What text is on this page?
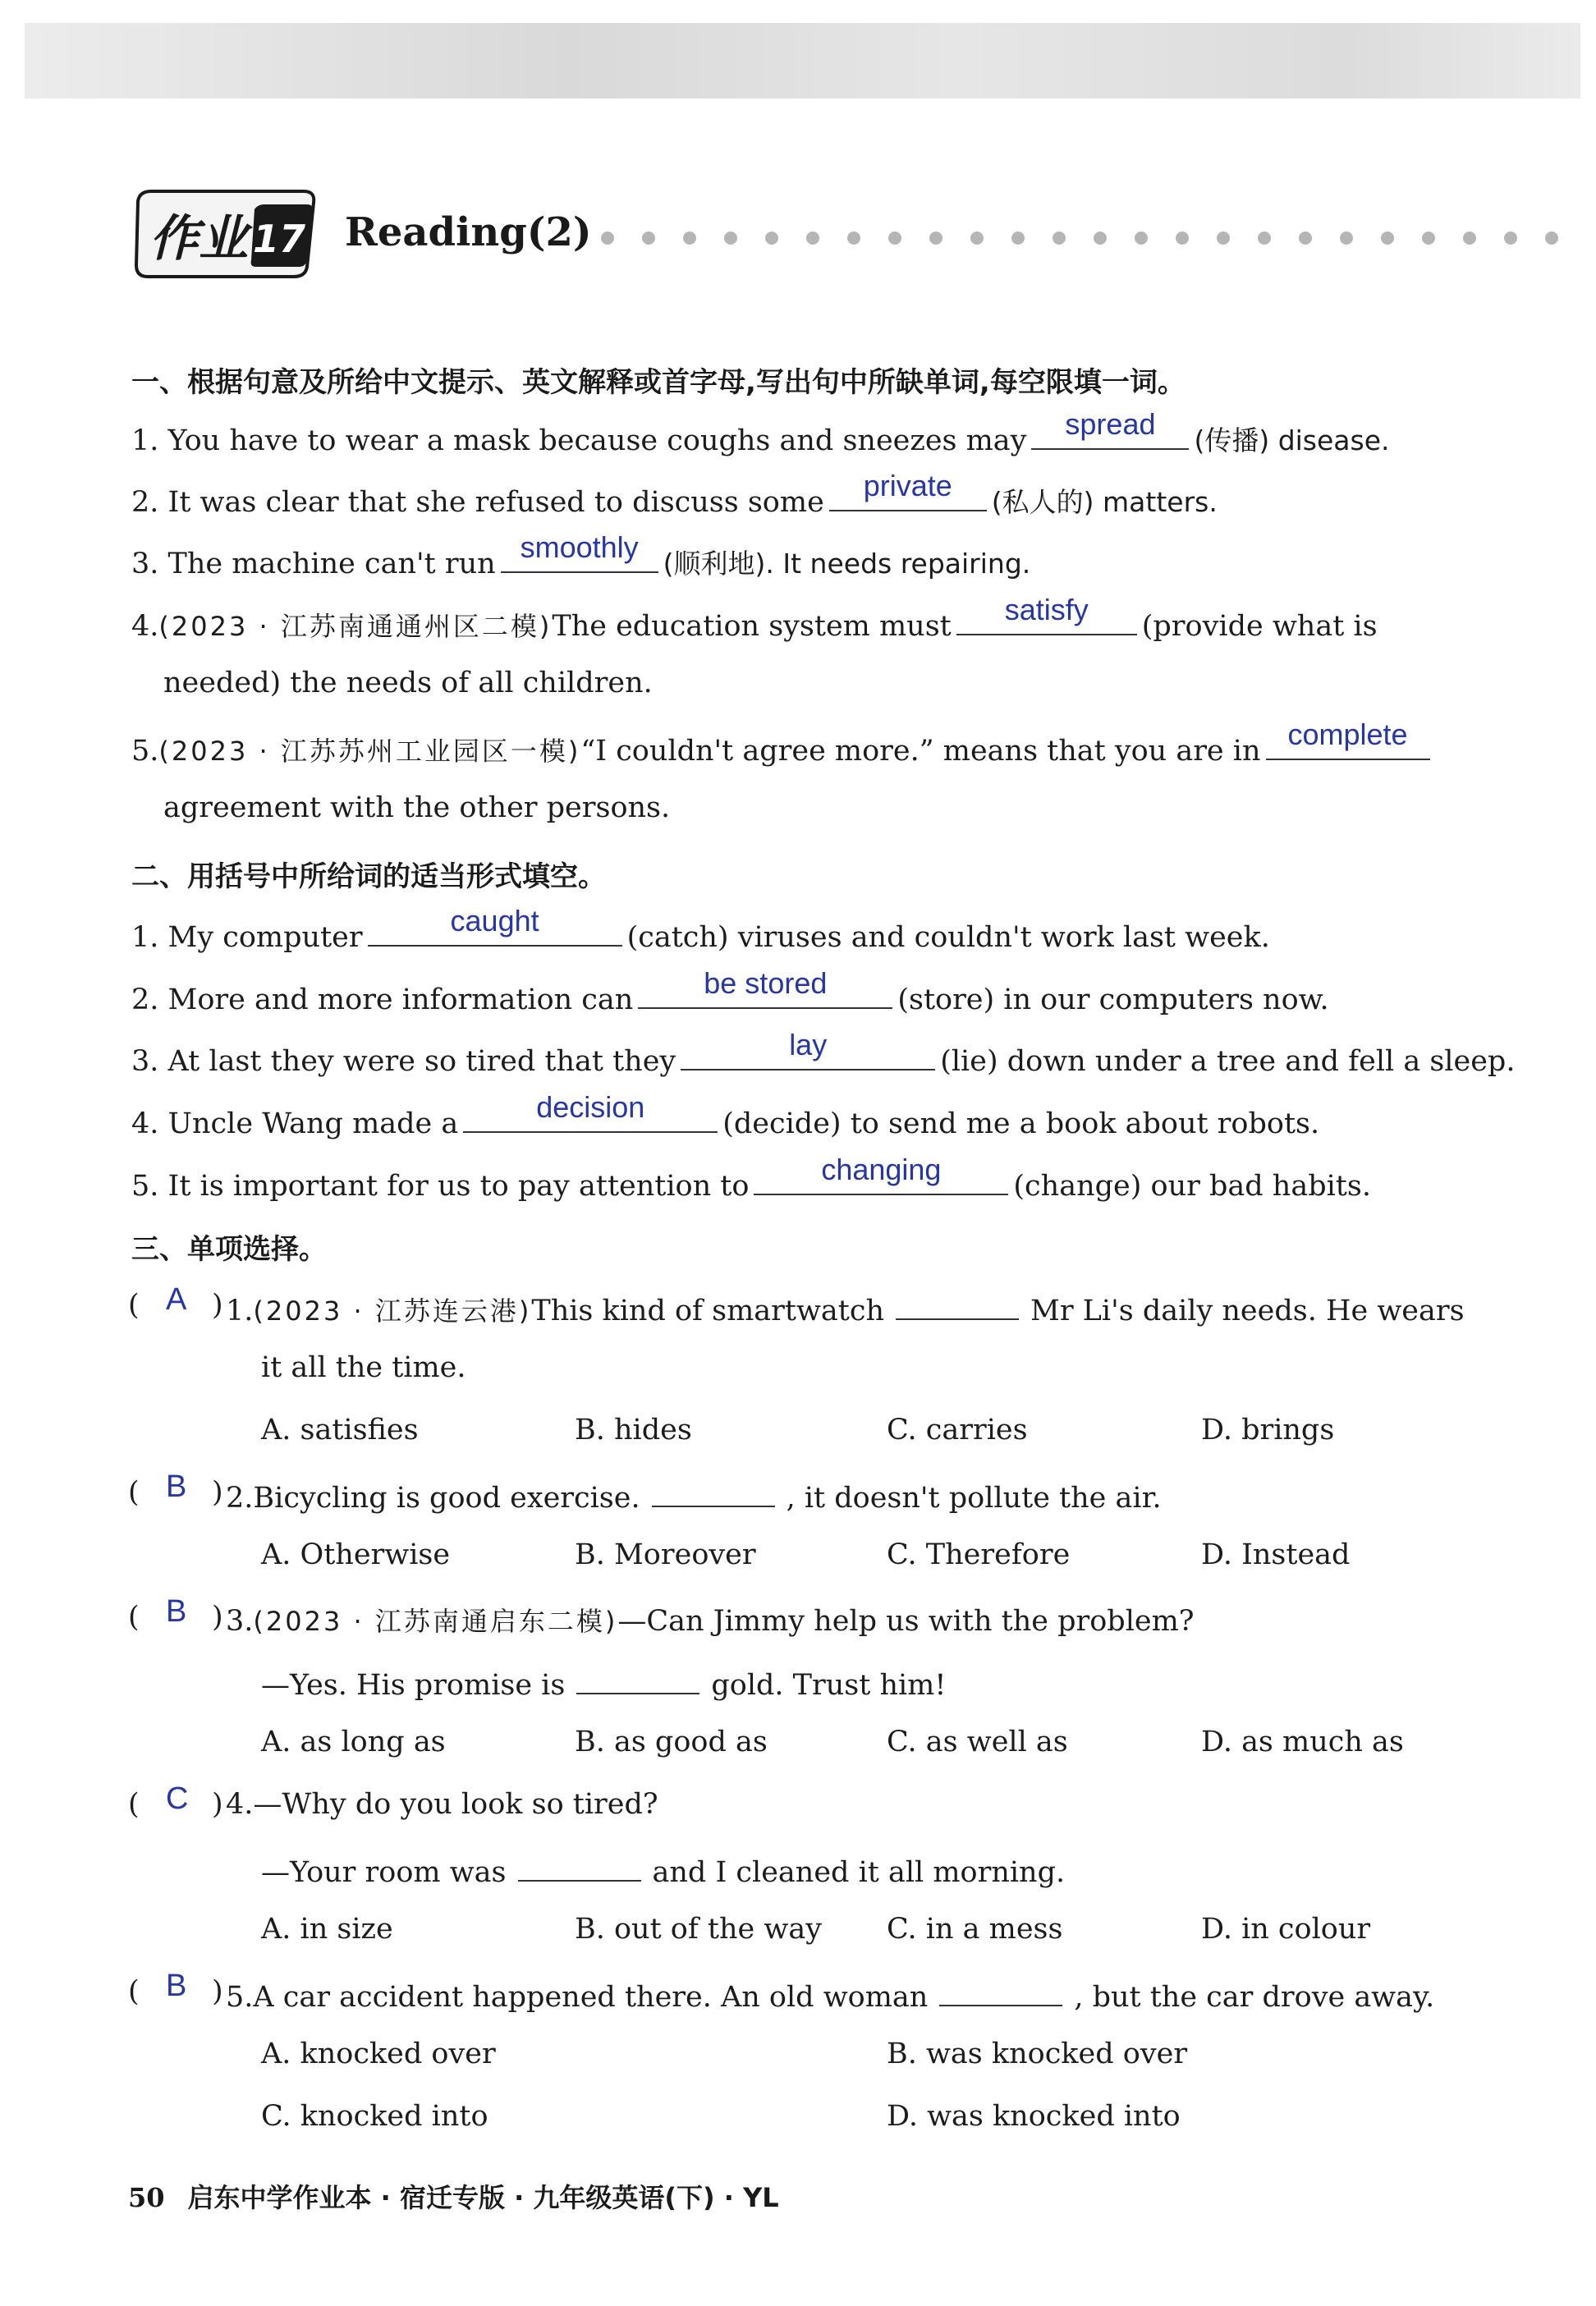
作业 17 Reading(2)
一、根据句意及所给中文提示、英文解释或首字母,写出句中所缺单词,每空限填一词。
1. You have to wear a mask because coughs and sneezes may	spread	(传播) disease.
2. It was clear that she refused to discuss some	private	(私人的) matters.
3. The machine can't run smoothly (顺利地). It needs repairing.
4.(2023 · 江苏南通通州区二模)The education system must	satisfy	(provide what is
needed) the needs of all children.
5.(2023 · 江苏苏州工业园区一模)“I couldn't agree more.” means that you are in complete
agreement with the other persons.
二、用括号中所给词的适当形式填空。
1. My computer	caught	(catch) viruses and couldn't work last week.
2. More and more information can	be stored	(store) in our computers now.
3. At last they were so tired that they	lay	(lie) down under a tree and fell a sleep.
4. Uncle Wang made a	decision	(decide) to send me a book about robots.
5. It is important for us to pay attention to	changing	(change) our bad habits.
三、单项选择。
( A ) 1.(2023 · 江苏连云港)This kind of smartwatch	Mr Li's daily needs. He wears
it all the time.
A. satisfies	B. hides	C. carries	D. brings
( B ) 2.Bicycling is good exercise.	, it doesn't pollute the air.
A. Otherwise	B. Moreover	C. Therefore	D. Instead
( B ) 3.(2023 · 江苏南通启东二模)—Can Jimmy help us with the problem?
—Yes. His promise is	gold. Trust him!
A. as long as	B. as good as	C. as well as	D. as much as
( C ) 4.—Why do you look so tired?
—Your room was	and I cleaned it all morning.
A. in size	B. out of the way C. in a mess	D. in colour
( B ) 5.A car accident happened there. An old woman	, but the car drove away.
A. knocked over	B. was knocked over
C. knocked into	D. was knocked into
50 启东中学作业本 · 宿迁专版 · 九年级英语(下) · YL
